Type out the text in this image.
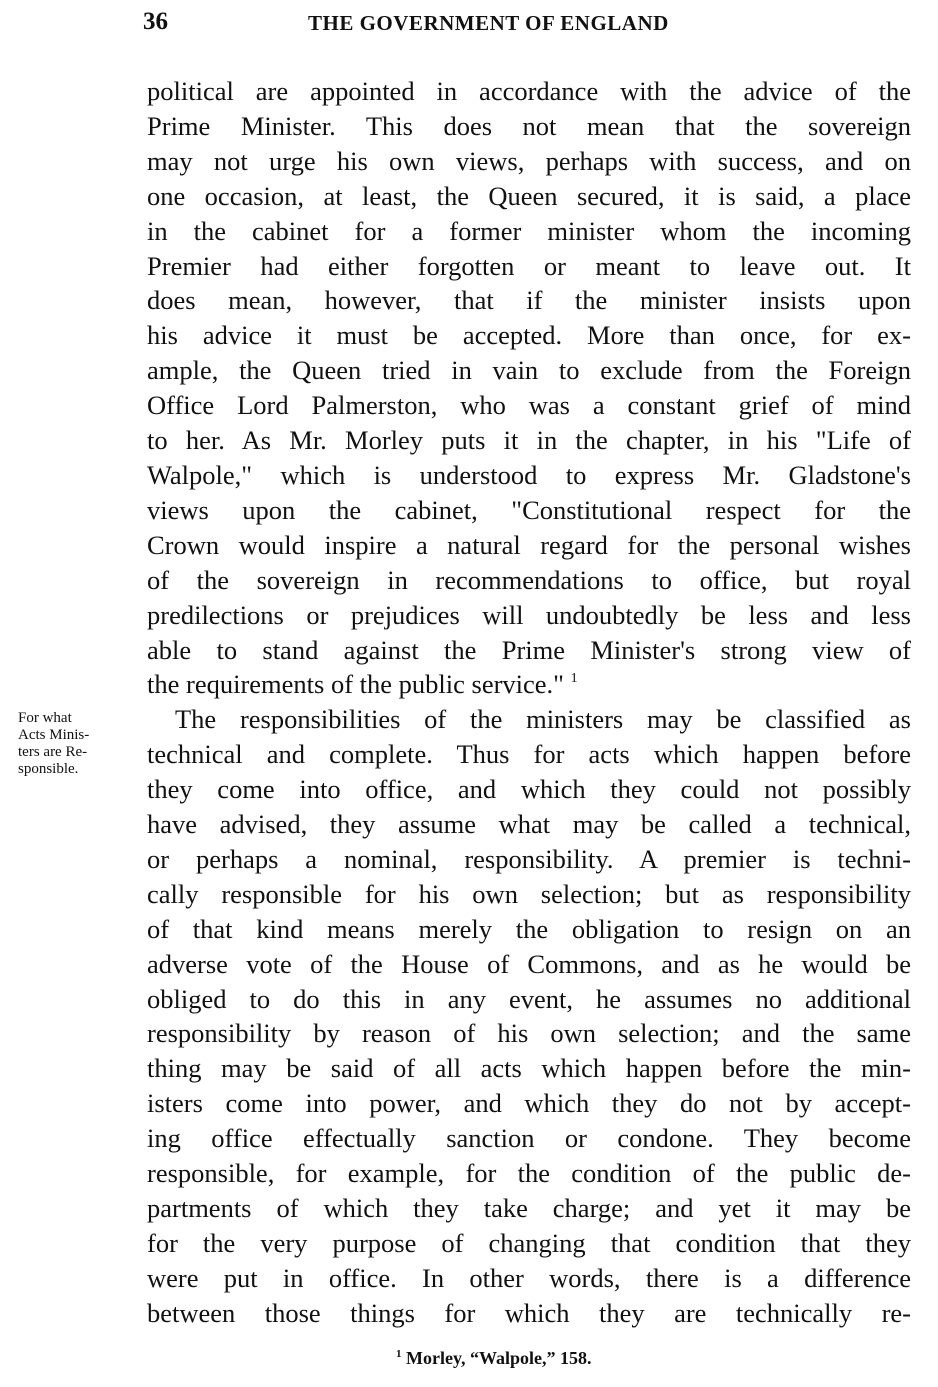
36	THE GOVERNMENT OF ENGLAND
For what
Acts Minis-
ters are Re-
sponsible.
political are appointed in accordance with the advice of the
Prime Minister. This does not mean that the sovereign
may not urge his own views, perhaps with success, and on
one occasion, at least, the Queen secured, it is said, a place
in the cabinet for a former minister whom the incoming
Premier had either forgotten or meant to leave out. It
does mean, however, that if the minister insists upon
his advice it must be accepted. More than once, for ex-
ample, the Queen tried in vain to exclude from the Foreign
Office Lord Palmerston, who was a constant grief of mind
to her. As Mr. Morley puts it in the chapter, in his "Life of
Walpole," which is understood to express Mr. Gladstone's
views upon the cabinet, "Constitutional respect for the
Crown would inspire a natural regard for the personal wishes
of the sovereign in recommendations to office, but royal
predilections or prejudices will undoubtedly be less and less
able to stand against the Prime Minister's strong view of
the requirements of the public service." $^1$
The responsibilities of the ministers may be classified as
technical and complete. Thus for acts which happen before
they come into office, and which they could not possibly
have advised, they assume what may be called a technical,
or perhaps a nominal, responsibility. A premier is techni-
cally responsible for his own selection; but as responsibility
of that kind means merely the obligation to resign on an
adverse vote of the House of Commons, and as he would be
obliged to do this in any event, he assumes no additional
responsibility by reason of his own selection; and the same
thing may be said of all acts which happen before the min-
isters come into power, and which they do not by accept-
ing office effectually sanction or condone. They become
responsible, for example, for the condition of the public de-
partments of which they take charge; and yet it may be
for the very purpose of changing that condition that they
were put in office. In other words, there is a difference
between those things for which they are technically re-
$^1$ Morley, “Walpole,” 158.
